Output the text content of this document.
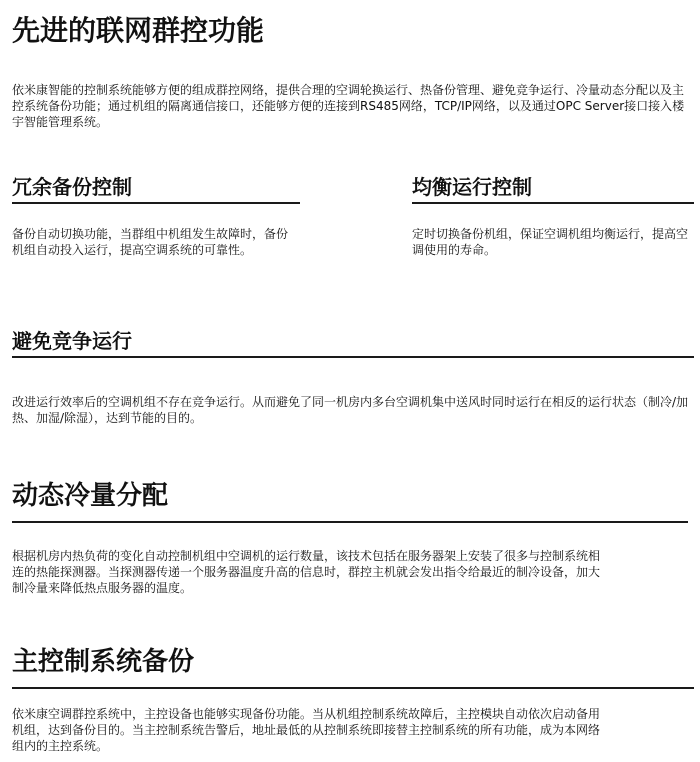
先进的联网群控功能

依米康智能的控制系统能够方便的组成群控网络，提供合理的空调轮换运行、热备份管理、避免竞争运行、冷量动态分配以及主控系统备份功能；通过机组的隔离通信接口，还能够方便的连接到RS485网络，TCP/IP网络，以及通过OPC Server接口接入楼宇智能管理系统。

冗余备份控制

备份自动切换功能，当群组中机组发生故障时，备份机组自动投入运行，提高空调系统的可靠性。

均衡运行控制

定时切换备份机组，保证空调机组均衡运行，提高空调使用的寿命。

避免竞争运行

改进运行效率后的空调机组不存在竞争运行。从而避免了同一机房内多台空调机集中送风时同时运行在相反的运行状态（制冷/加热、加湿/除湿），达到节能的目的。

动态冷量分配

根据机房内热负荷的变化自动控制机组中空调机的运行数量，该技术包括在服务器架上安装了很多与控制系统相连的热能探测器。当探测器传递一个服务器温度升高的信息时，群控主机就会发出指令给最近的制冷设备，加大制冷量来降低热点服务器的温度。

主控制系统备份

依米康空调群控系统中，主控设备也能够实现备份功能。当从机组控制系统故障后，主控模块自动依次启动备用机组，达到备份目的。当主控制系统告警后，地址最低的从控制系统即接替主控制系统的所有功能，成为本网络组内的主控系统。
